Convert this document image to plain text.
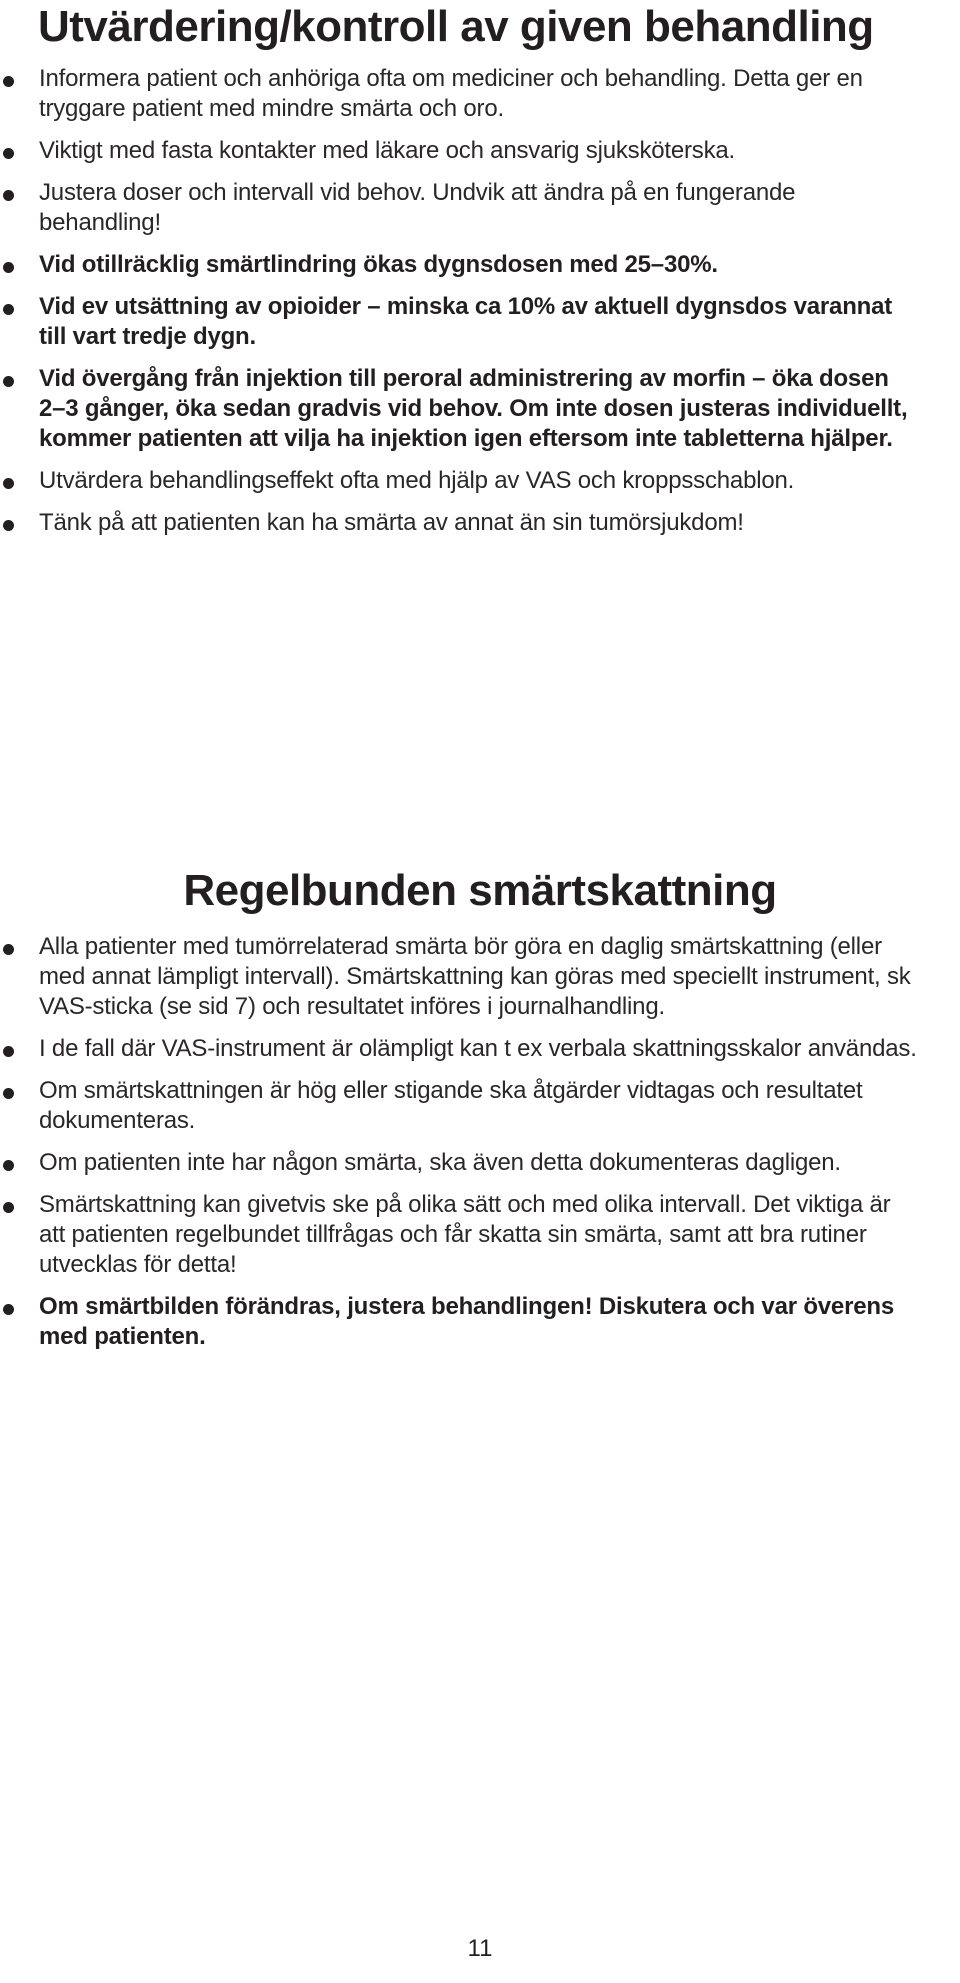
Utvärdering/kontroll av given behandling
Informera patient och anhöriga ofta om mediciner och behandling. Detta ger en tryggare patient med mindre smärta och oro.
Viktigt med fasta kontakter med läkare och ansvarig sjuksköterska.
Justera doser och intervall vid behov. Undvik att ändra på en fungerande behandling!
Vid otillräcklig smärtlindring ökas dygnsdosen med 25–30%.
Vid ev utsättning av opioider – minska ca 10% av aktuell dygnsdos varannat till vart tredje dygn.
Vid övergång från injektion till peroral administrering av morfin – öka dosen 2–3 gånger, öka sedan gradvis vid behov. Om inte dosen justeras individuellt, kommer patienten att vilja ha injektion igen eftersom inte tabletterna hjälper.
Utvärdera behandlingseffekt ofta med hjälp av VAS och kroppsschablon.
Tänk på att patienten kan ha smärta av annat än sin tumörsjukdom!
Regelbunden smärtskattning
Alla patienter med tumörrelaterad smärta bör göra en daglig smärtskattning (eller med annat lämpligt intervall). Smärtskattning kan göras med speciellt instrument, sk VAS-sticka (se sid 7) och resultatet införes i journalhandling.
I de fall där VAS-instrument är olämpligt kan t ex verbala skattningsskalor användas.
Om smärtskattningen är hög eller stigande ska åtgärder vidtagas och resultatet dokumenteras.
Om patienten inte har någon smärta, ska även detta dokumenteras dagligen.
Smärtskattning kan givetvis ske på olika sätt och med olika intervall. Det viktiga är att patienten regelbundet tillfrågas och får skatta sin smärta, samt att bra rutiner utvecklas för detta!
Om smärtbilden förändras, justera behandlingen! Diskutera och var överens med patienten.
11
